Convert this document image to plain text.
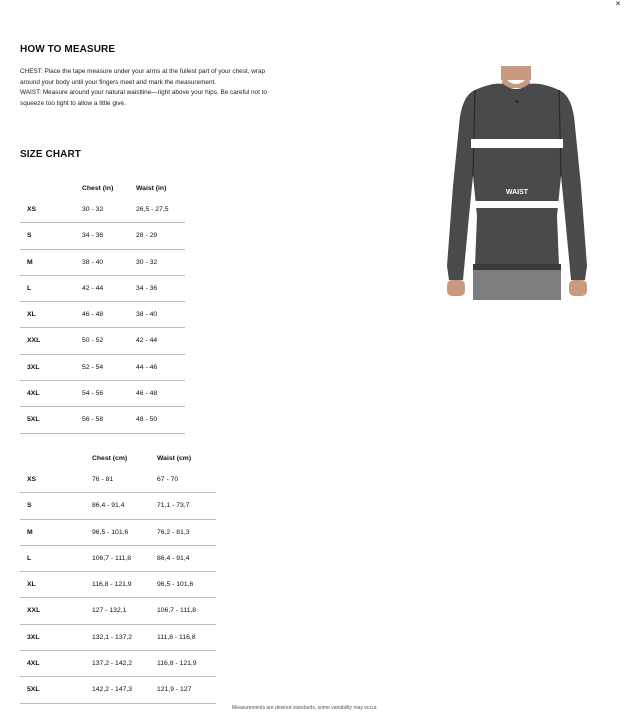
˟
HOW TO MEASURE

CHEST: Place the tape measure under your arms at the fullest part of your chest, wrap around your body until your fingers meet and mark the measurement.

WAIST: Measure around your natural waistline—right above your hips. Be careful not to squeeze too tight to allow a little give.

SIZE CHART
Chest (in)	Waist (in)
XS	30 - 32	26,5 - 27,5
S	34 - 36	28 - 29
M	38 - 40	30 - 32
L	42 - 44	34 - 36
XL	46 - 48	38 - 40
XXL	50 - 52	42 - 44
3XL	52 - 54	44 - 46
4XL	54 - 56	46 - 48
5XL	56 - 58	48 - 50
Chest (cm)	Waist (cm)
XS	76 - 81	67 - 70
S	86,4 - 91,4	71,1 - 73,7
M	96,5 - 101,6	76,2 - 81,3
L	106,7 - 111,8	86,4 - 91,4
XL	116,8 - 121,9	96,5 - 101,6
XXL	127 - 132,1	106,7 - 111,8
3XL	132,1 - 137,2	111,8 - 116,8
4XL	137,2 - 142,2	116,8 - 121,9
5XL	142,2 - 147,3	121,9 - 127
⚭
CHEST
WAIST
Measurements are desired standards, some variability may occur.
